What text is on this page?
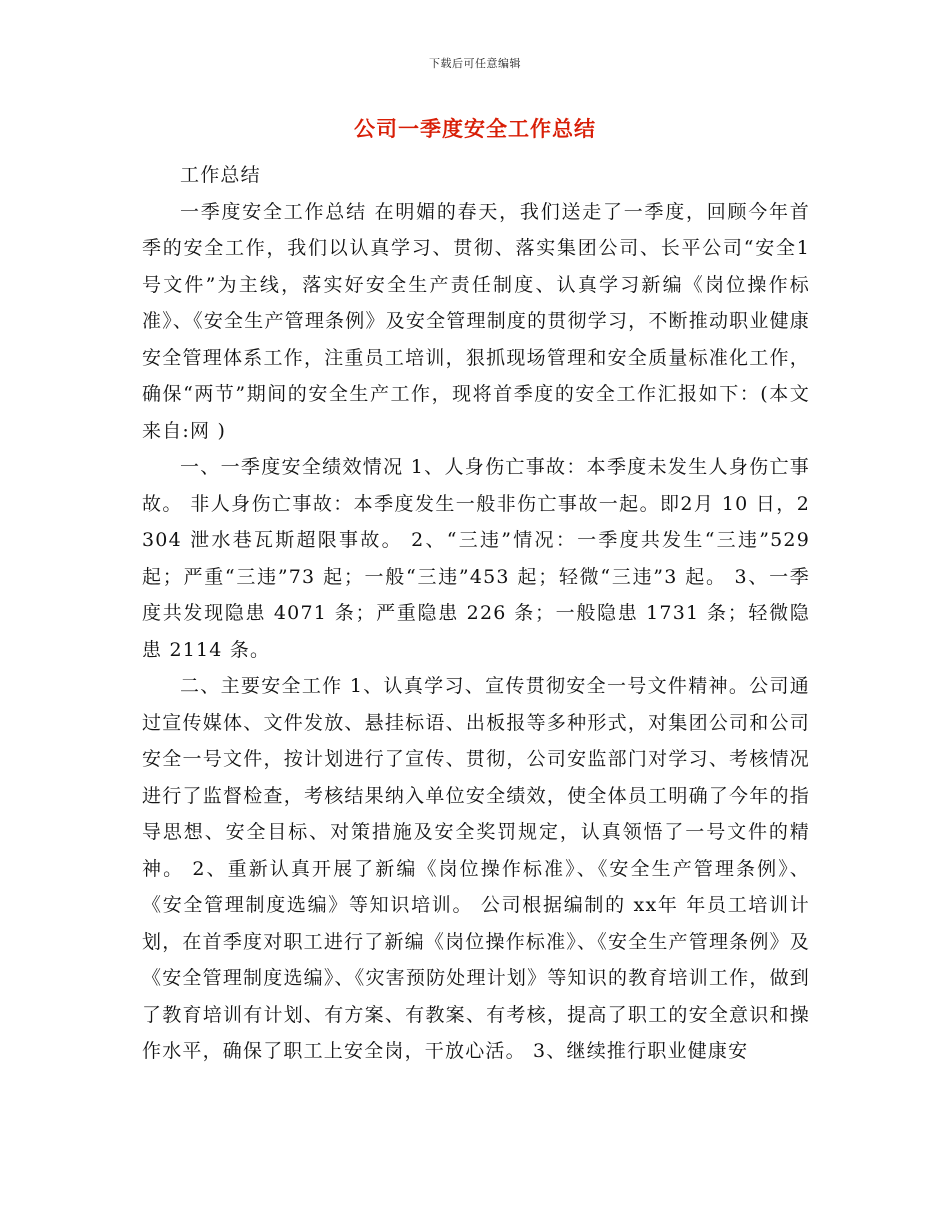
下载后可任意编辑
公司一季度安全工作总结

工作总结

一季度安全工作总结 在明媚的春天，我们送走了一季度，回顾今年首季的安全工作，我们以认真学习、贯彻、落实集团公司、长平公司“安全1 号文件”为主线，落实好安全生产责任制度、认真学习新编《岗位操作标准》、《安全生产管理条例》及安全管理制度的贯彻学习，不断推动职业健康安全管理体系工作，注重员工培训，狠抓现场管理和安全质量标准化工作，确保“两节”期间的安全生产工作，现将首季度的安全工作汇报如下：(本文来自:网 )

一、一季度安全绩效情况 1、人身伤亡事故：本季度未发生人身伤亡事故。 非人身伤亡事故：本季度发生一般非伤亡事故一起。即2月 10 日，2304 泄水巷瓦斯超限事故。 2、“三违”情况：一季度共发生“三违”529 起；严重“三违”73 起；一般“三违”453 起；轻微“三违”3 起。 3、一季度共发现隐患 4071 条；严重隐患 226 条；一般隐患 1731 条；轻微隐患 2114 条。

二、主要安全工作 1、认真学习、宣传贯彻安全一号文件精神。公司通过宣传媒体、文件发放、悬挂标语、出板报等多种形式，对集团公司和公司安全一号文件，按计划进行了宣传、贯彻，公司安监部门对学习、考核情况进行了监督检查，考核结果纳入单位安全绩效，使全体员工明确了今年的指导思想、安全目标、对策措施及安全奖罚规定，认真领悟了一号文件的精神。 2、重新认真开展了新编《岗位操作标准》、《安全生产管理条例》、《安全管理制度选编》等知识培训。 公司根据编制的 xx年 年员工培训计划，在首季度对职工进行了新编《岗位操作标准》、《安全生产管理条例》及《安全管理制度选编》、《灾害预防处理计划》等知识的教育培训工作，做到了教育培训有计划、有方案、有教案、有考核，提高了职工的安全意识和操作水平，确保了职工上安全岗，干放心活。 3、继续推行职业健康安
